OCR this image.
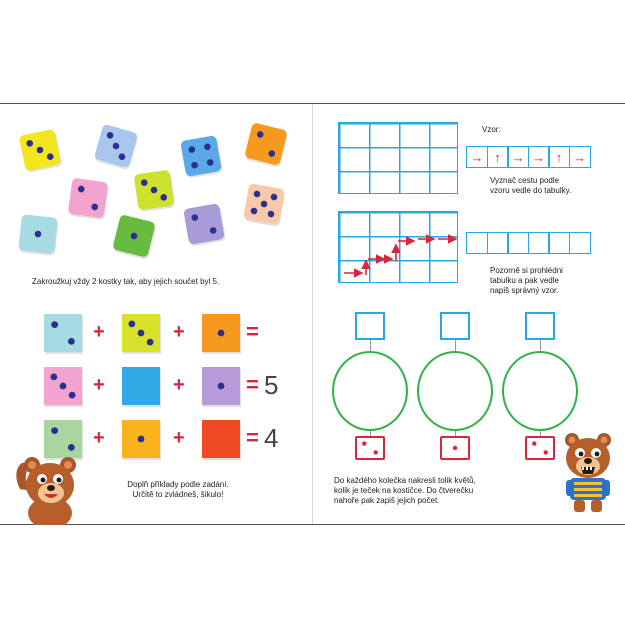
Zakroužkuj vždy 2 kostky tak, aby jejich součet byl 5.
+	+	=
+	+	= 5
+	+	= 4
Doplň příklady podle zadání.
Určitě to zvládneš, šikulo!
Vzor:
→ ↑ → → ↑ →
Vyznač cestu podle
vzoru vedle do tabulky.
Pozorně si prohlédni
tabulku a pak vedle
napiš správný vzor.
Do každého kolečka nakresli tolik květů,
kolik je teček na kostičce. Do čtverečku
nahoře pak zapiš jejich počet.
